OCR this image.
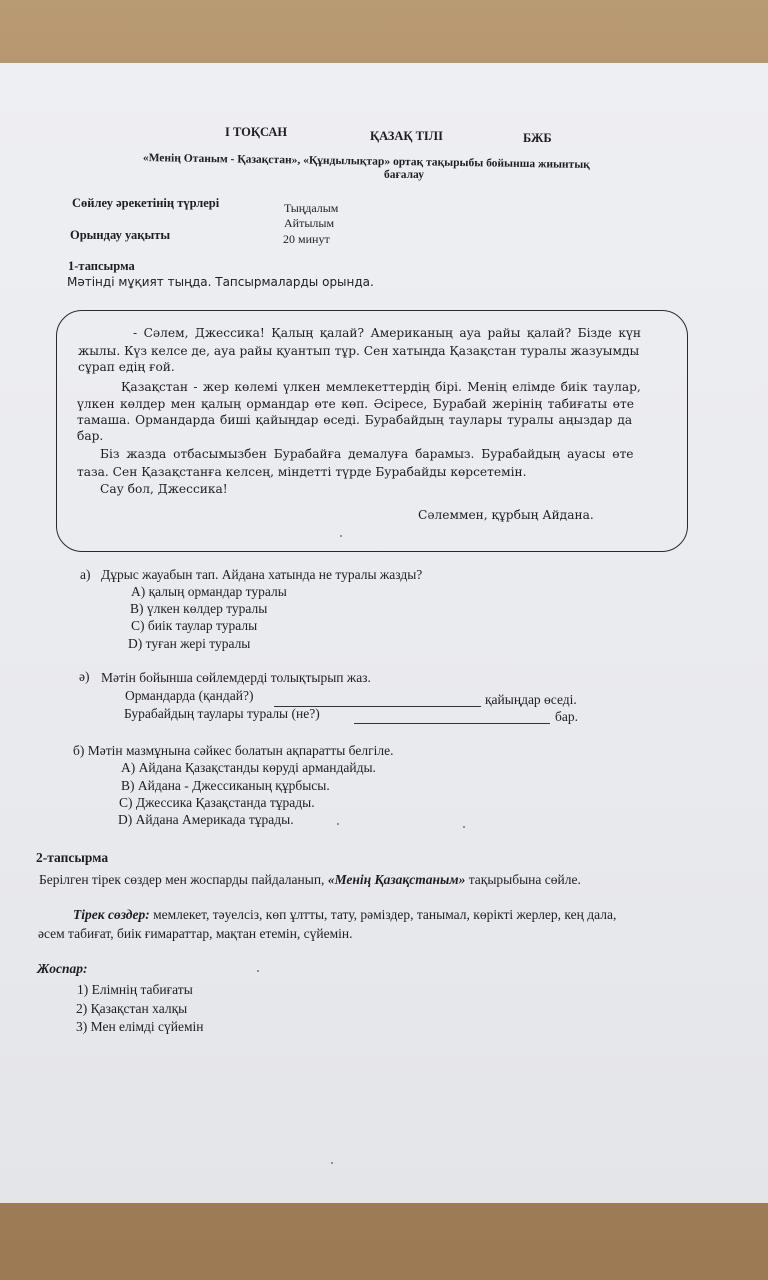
І ТОҚСАН	ҚАЗАҚ ТІЛІ	БЖБ
«Менің Отаным - Қазақстан», «Құндылықтар» ортақ тақырыбы бойынша жиынтық
бағалау
Сөйлеу әрекетінің түрлері	Тыңдалым
Айтылым
Орындау уақыты	20 минут
1-тапсырма
Мәтінді мұқият тыңда. Тапсырмаларды орында.
- Сәлем, Джессика! Қалың қалай? Американың ауа райы қалай? Бізде күн
жылы. Күз келсе де, ауа райы қуантып тұр. Сен хатыңда Қазақстан туралы жазуымды
сұрап едің ғой.
Қазақстан - жер көлемі үлкен мемлекеттердің бірі. Менің елімде биік таулар,
үлкен көлдер мен қалың ормандар өте көп. Әсіресе, Бурабай жерінің табиғаты өте
тамаша. Ормандарда биші қайыңдар өседі. Бурабайдың таулары туралы аңыздар да
бар.
Біз жазда отбасымызбен Бурабайға демалуға барамыз. Бурабайдың ауасы өте
таза. Сен Қазақстанға келсең, міндетті түрде Бурабайды көрсетемін.
Сау бол, Джессика!
Сәлеммен, құрбың Айдана.
а) Дұрыс жауабын тап. Айдана хатында не туралы жазды?
А) қалың ормандар туралы
В) үлкен көлдер туралы
С) биік таулар туралы
D) туған жері туралы
ә) Мәтін бойынша сөйлемдерді толықтырып жаз.
Ормандарда (қандай?)	қайыңдар өседі.
Бурабайдың таулары туралы (не?)	бар.
б) Мәтін мазмұнына сәйкес болатын ақпаратты белгіле.
А) Айдана Қазақстанды көруді армандайды.
В) Айдана - Джессиканың құрбысы.
С) Джессика Қазақстанда тұрады.
D) Айдана Америкада тұрады.
2-тапсырма
Берілген тірек сөздер мен жоспарды пайдаланып, «Менің Қазақстаным» тақырыбына сөйле.
Тірек сөздер: мемлекет, тәуелсіз, көп ұлтты, тату, рәміздер, танымал, көрікті жерлер, кең дала,
әсем табиғат, биік ғимараттар, мақтан етемін, сүйемін.
Жоспар:
1) Елімнің табиғаты
2) Қазақстан халқы
3) Мен елімді сүйемін
